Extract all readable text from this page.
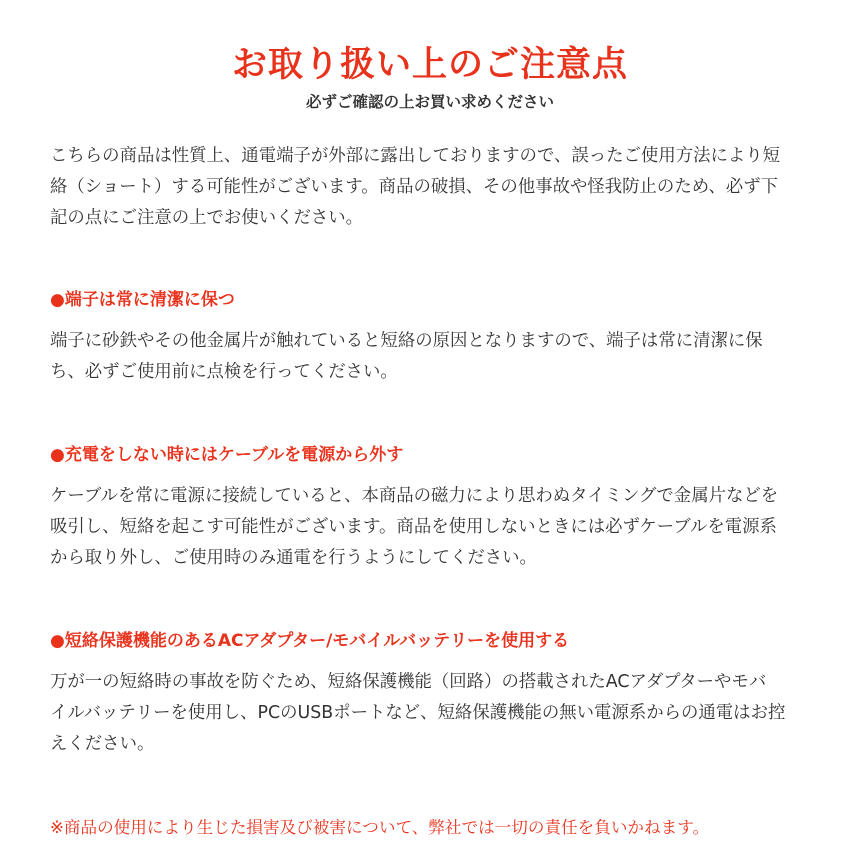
お取り扱い上のご注意点

必ずご確認の上お買い求めください

こちらの商品は性質上、通電端子が外部に露出しておりますので、誤ったご使用方法により短
絡（ショート）する可能性がございます。商品の破損、その他事故や怪我防止のため、必ず下
記の点にご注意の上でお使いください。

●端子は常に清潔に保つ

端子に砂鉄やその他金属片が触れていると短絡の原因となりますので、端子は常に清潔に保
ち、必ずご使用前に点検を行ってください。

●充電をしない時にはケーブルを電源から外す

ケーブルを常に電源に接続していると、本商品の磁力により思わぬタイミングで金属片などを
吸引し、短絡を起こす可能性がございます。商品を使用しないときには必ずケーブルを電源系
から取り外し、ご使用時のみ通電を行うようにしてください。

●短絡保護機能のあるACアダプター/モバイルバッテリーを使用する

万が一の短絡時の事故を防ぐため、短絡保護機能（回路）の搭載されたACアダプターやモバ
イルバッテリーを使用し、PCのUSBポートなど、短絡保護機能の無い電源系からの通電はお控
えください。

※商品の使用により生じた損害及び被害について、弊社では一切の責任を負いかねます。
